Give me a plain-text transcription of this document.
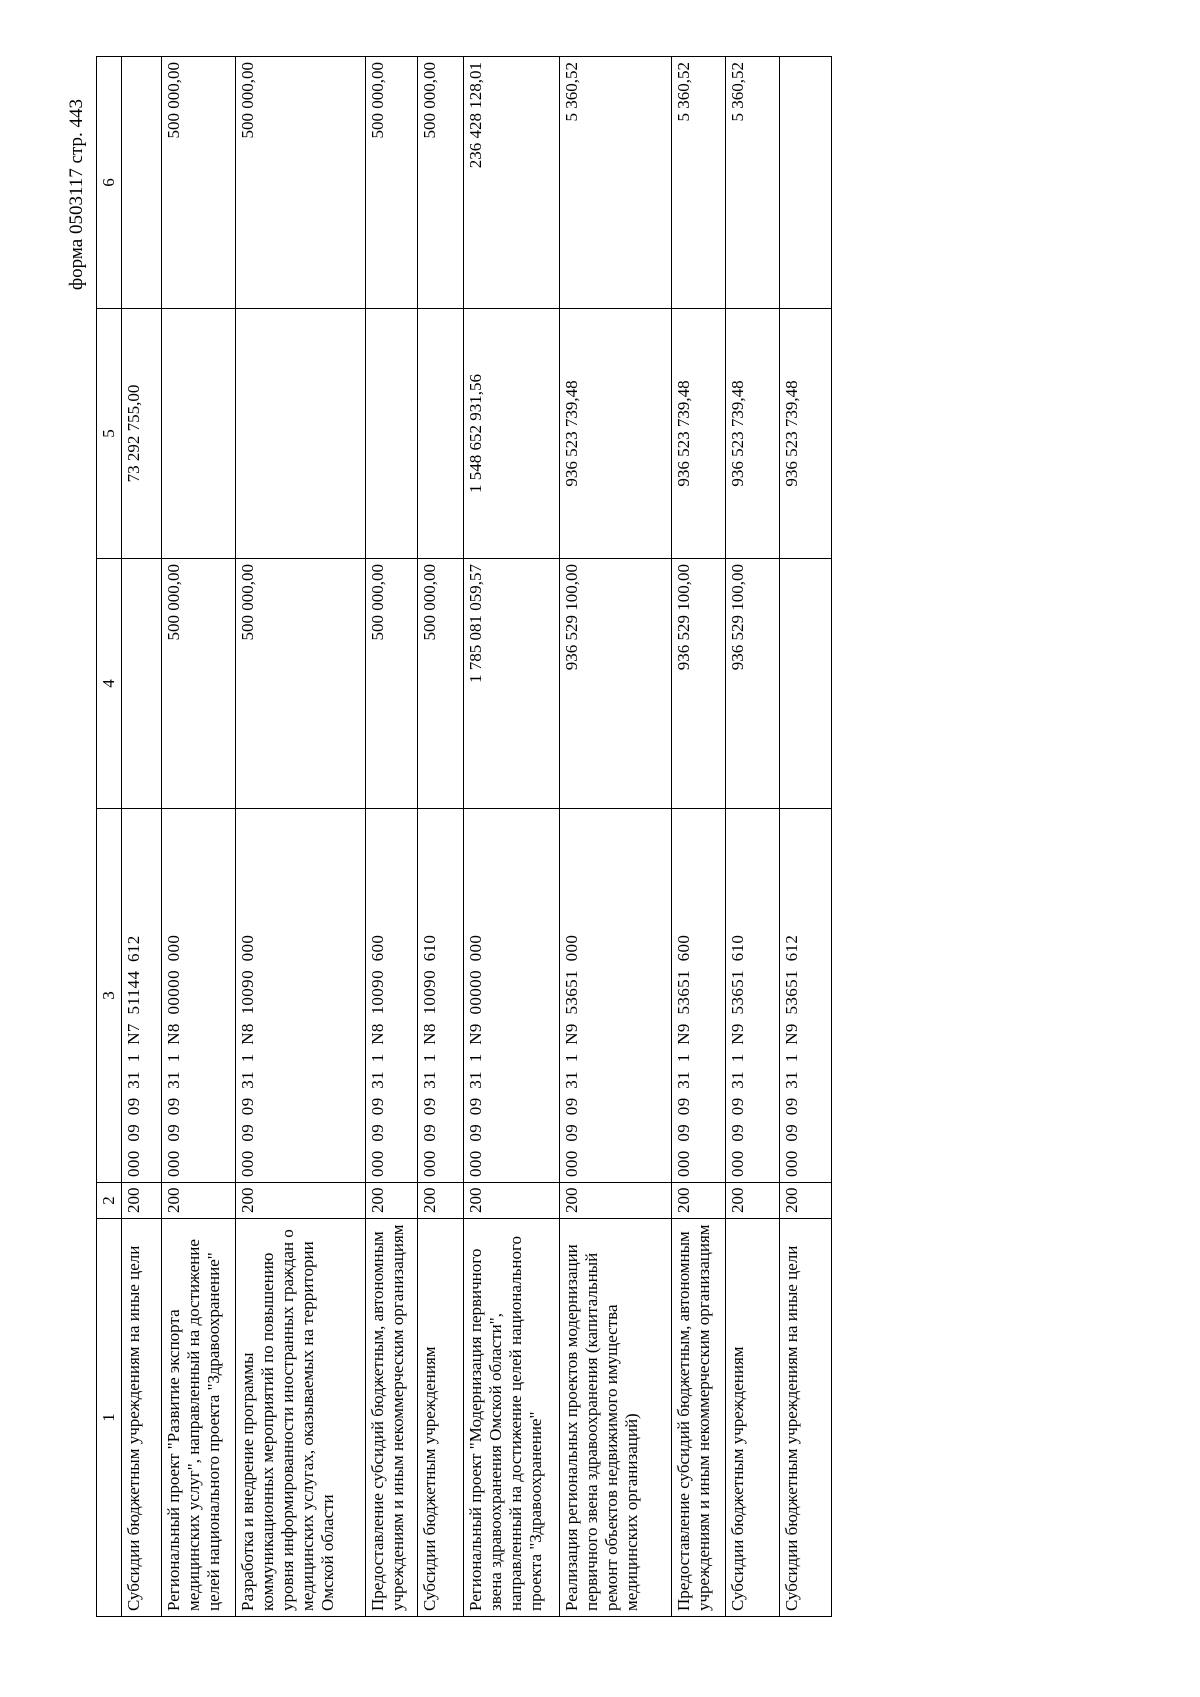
форма 0503117 стр. 443
1	2	3	4	5	6
Субсидии бюджетным учреждениям на иные цели	200	000 09 09 31 1 N7 51144 612		73 292 755,00	
Региональный проект "Развитие экспорта медицинских услуг", направленный на достижение целей национального проекта "Здравоохранение"	200	000 09 09 31 1 N8 00000 000	500 000,00		500 000,00
Разработка и внедрение программы коммуникационных мероприятий по повышению уровня информированности иностранных граждан о медицинских услугах, оказываемых на территории Омской области	200	000 09 09 31 1 N8 10090 000	500 000,00		500 000,00
Предоставление субсидий бюджетным, автономным учреждениям и иным некоммерческим организациям	200	000 09 09 31 1 N8 10090 600	500 000,00		500 000,00
Субсидии бюджетным учреждениям	200	000 09 09 31 1 N8 10090 610	500 000,00		500 000,00
Региональный проект "Модернизация первичного звена здравоохранения Омской области", направленный на достижение целей национального проекта "Здравоохранение"	200	000 09 09 31 1 N9 00000 000	1 785 081 059,57	1 548 652 931,56	236 428 128,01
Реализация региональных проектов модернизации первичного звена здравоохранения (капитальный ремонт объектов недвижимого имущества медицинских организаций)	200	000 09 09 31 1 N9 53651 000	936 529 100,00	936 523 739,48	5 360,52
Предоставление субсидий бюджетным, автономным учреждениям и иным некоммерческим организациям	200	000 09 09 31 1 N9 53651 600	936 529 100,00	936 523 739,48	5 360,52
Субсидии бюджетным учреждениям	200	000 09 09 31 1 N9 53651 610	936 529 100,00	936 523 739,48	5 360,52
Субсидии бюджетным учреждениям на иные цели	200	000 09 09 31 1 N9 53651 612		936 523 739,48	
